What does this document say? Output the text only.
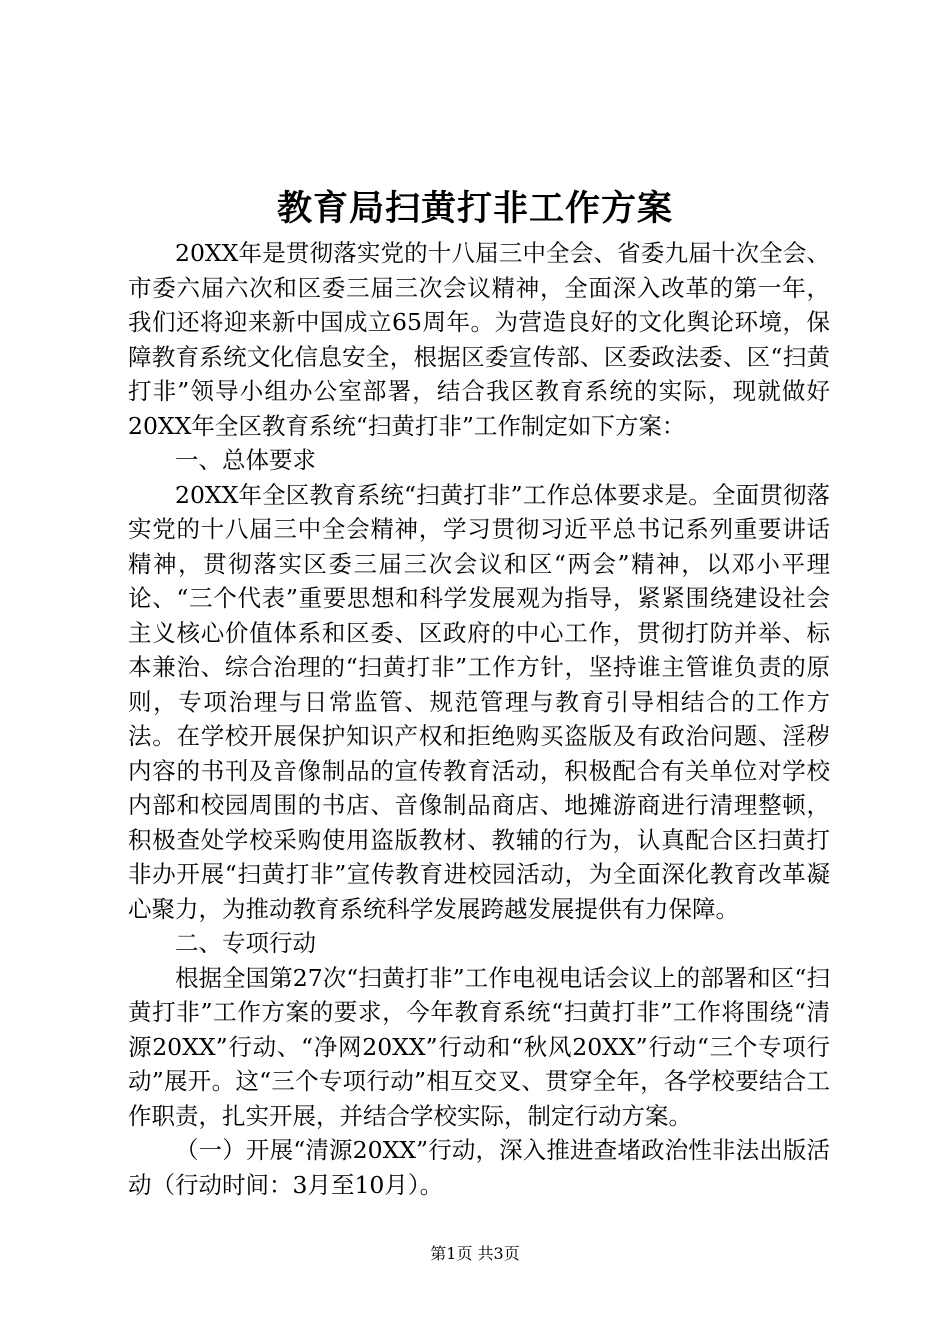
教育局扫黄打非工作方案

20XX年是贯彻落实党的十八届三中全会、省委九届十次全会、市委六届六次和区委三届三次会议精神，全面深入改革的第一年，我们还将迎来新中国成立65周年。为营造良好的文化舆论环境，保障教育系统文化信息安全，根据区委宣传部、区委政法委、区“扫黄打非”领导小组办公室部署，结合我区教育系统的实际，现就做好20XX年全区教育系统“扫黄打非”工作制定如下方案：

一、总体要求

20XX年全区教育系统“扫黄打非”工作总体要求是。全面贯彻落实党的十八届三中全会精神，学习贯彻习近平总书记系列重要讲话精神，贯彻落实区委三届三次会议和区“两会”精神，以邓小平理论、“三个代表”重要思想和科学发展观为指导，紧紧围绕建设社会主义核心价值体系和区委、区政府的中心工作，贯彻打防并举、标本兼治、综合治理的“扫黄打非”工作方针，坚持谁主管谁负责的原则，专项治理与日常监管、规范管理与教育引导相结合的工作方法。在学校开展保护知识产权和拒绝购买盗版及有政治问题、淫秽内容的书刊及音像制品的宣传教育活动，积极配合有关单位对学校内部和校园周围的书店、音像制品商店、地摊游商进行清理整顿，积极查处学校采购使用盗版教材、教辅的行为，认真配合区扫黄打非办开展“扫黄打非”宣传教育进校园活动，为全面深化教育改革凝心聚力，为推动教育系统科学发展跨越发展提供有力保障。

二、专项行动

根据全国第27次“扫黄打非”工作电视电话会议上的部署和区“扫黄打非”工作方案的要求，今年教育系统“扫黄打非”工作将围绕“清源20XX”行动、“净网20XX”行动和“秋风20XX”行动“三个专项行动”展开。这“三个专项行动”相互交叉、贯穿全年，各学校要结合工作职责，扎实开展，并结合学校实际，制定行动方案。

（一）开展“清源20XX”行动，深入推进查堵政治性非法出版活动（行动时间：3月至10月）。

第1页 共3页
